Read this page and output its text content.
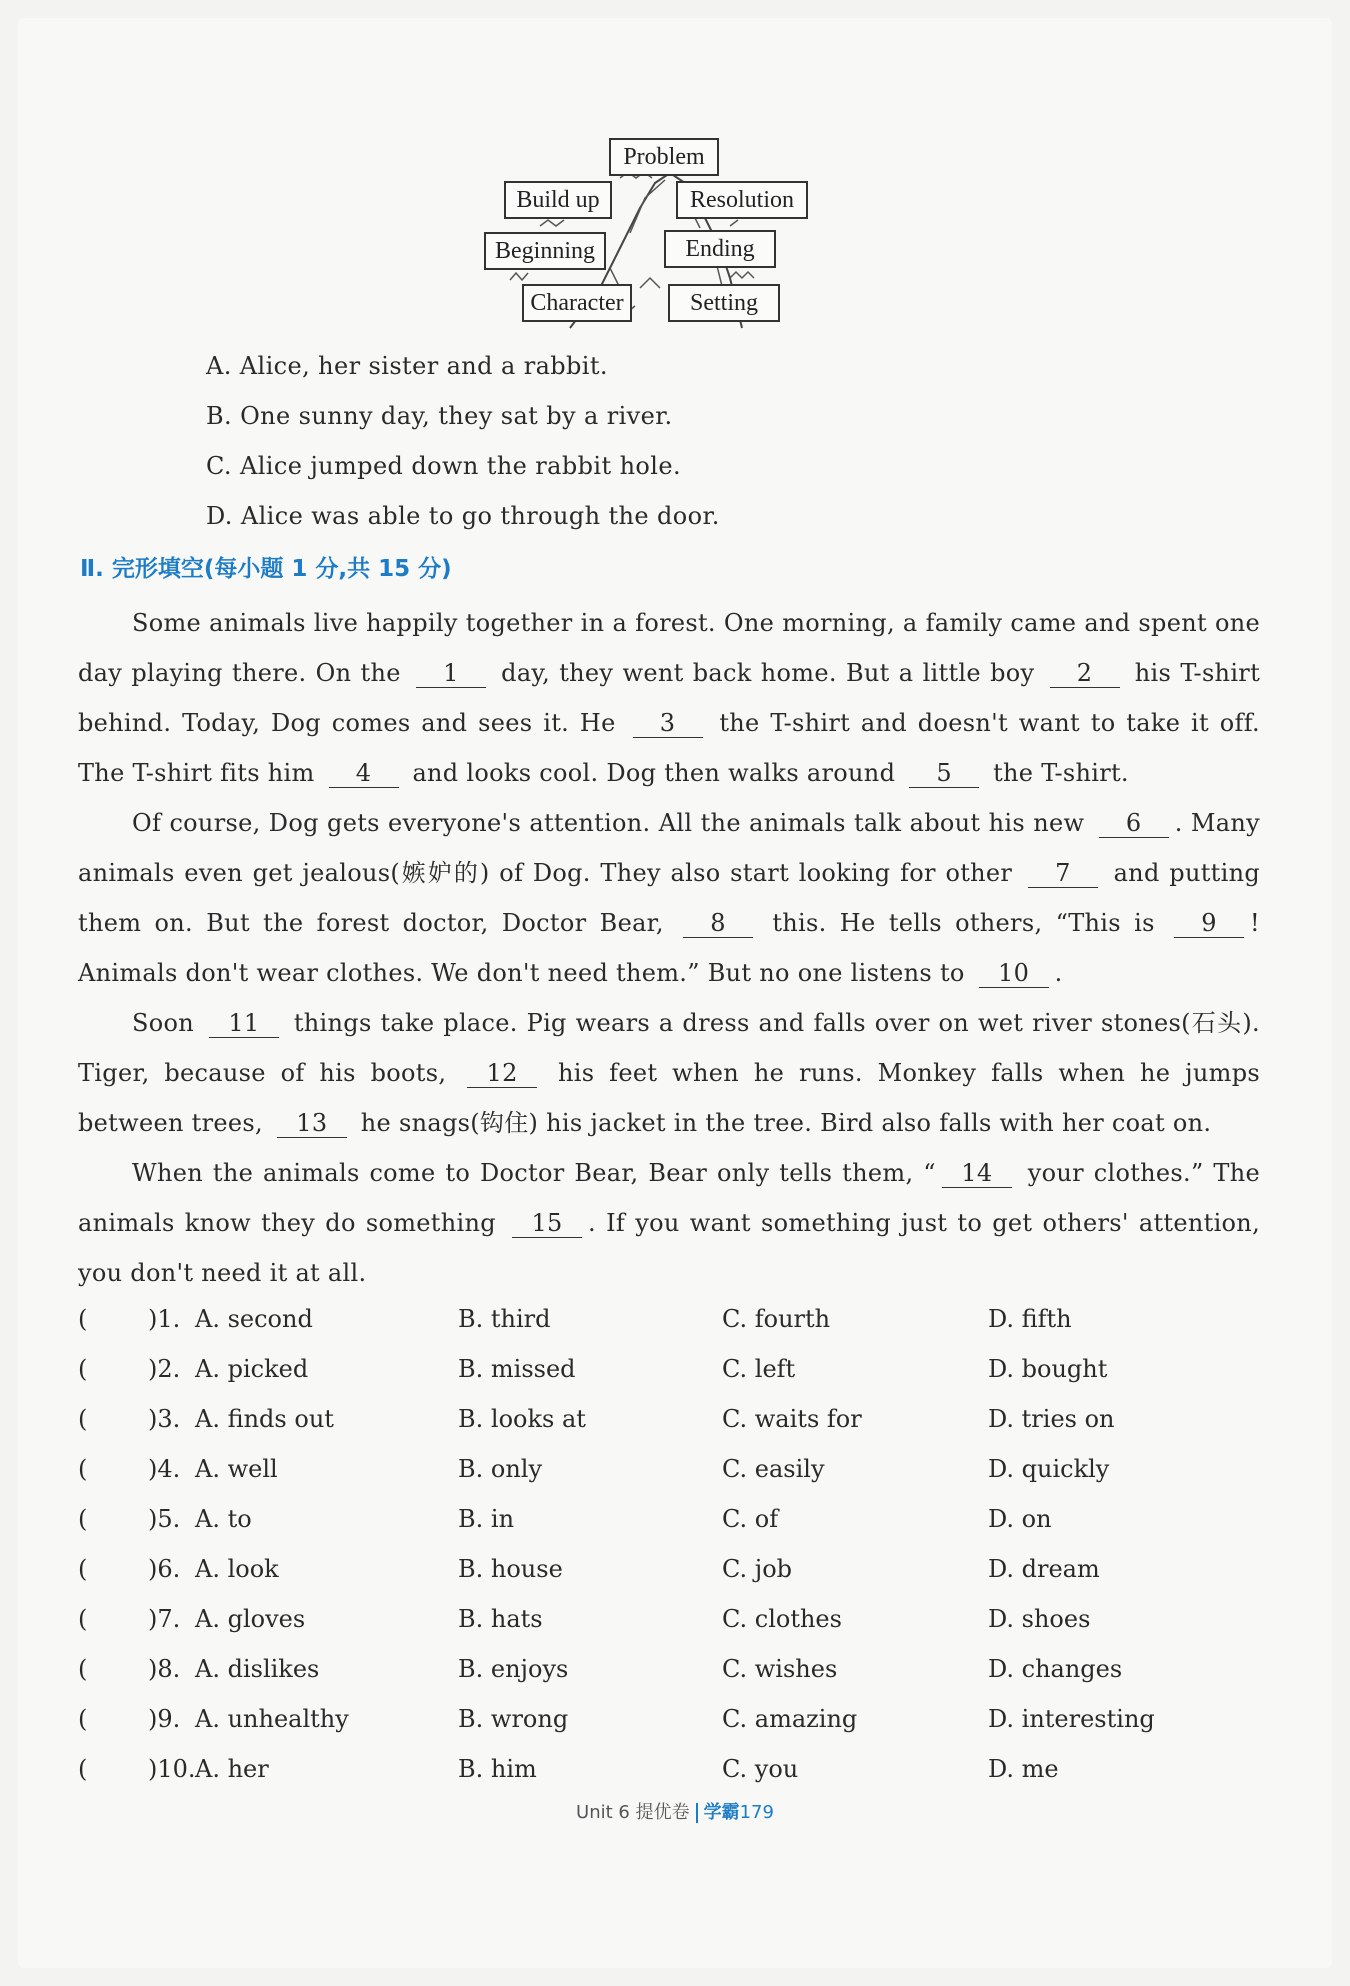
Problem
Build up	Resolution
Beginning	Ending
Character	Setting
A. Alice, her sister and a rabbit.
B. One sunny day, they sat by a river.
C. Alice jumped down the rabbit hole.
D. Alice was able to go through the door.
Ⅱ. 完形填空(每小题 1 分,共 15 分)

Some animals live happily together in a forest. One morning, a family came and spent one day playing there. On the 1 day, they went back home. But a little boy 2 his T-shirt behind. Today, Dog comes and sees it. He 3 the T-shirt and doesn't want to take it off. The T-shirt fits him 4 and looks cool. Dog then walks around 5 the T-shirt.

Of course, Dog gets everyone's attention. All the animals talk about his new 6 . Many animals even get jealous(嫉妒的) of Dog. They also start looking for other 7 and putting them on. But the forest doctor, Doctor Bear, 8 this. He tells others, “This is 9 ! Animals don't wear clothes. We don't need them.” But no one listens to 10 .

Soon 11 things take place. Pig wears a dress and falls over on wet river stones(石头). Tiger, because of his boots, 12 his feet when he runs. Monkey falls when he jumps between trees, 13 he snags(钩住) his jacket in the tree. Bird also falls with her coat on.

When the animals come to Doctor Bear, Bear only tells them, “ 14 your clothes.” The animals know they do something 15 . If you want something just to get others' attention, you don't need it at all.

(	)1. A. second	B. third	C. fourth	D. fifth
(	)2. A. picked	B. missed	C. left	D. bought
(	)3. A. finds out	B. looks at	C. waits for	D. tries on
(	)4. A. well	B. only	C. easily	D. quickly
(	)5. A. to	B. in	C. of	D. on
(	)6. A. look	B. house	C. job	D. dream
(	)7. A. gloves	B. hats	C. clothes	D. shoes
(	)8. A. dislikes	B. enjoys	C. wishes	D. changes
(	)9. A. unhealthy	B. wrong	C. amazing	D. interesting
(	)10. A. her	B. him	C. you	D. me
Unit 6 提优卷 学霸179
